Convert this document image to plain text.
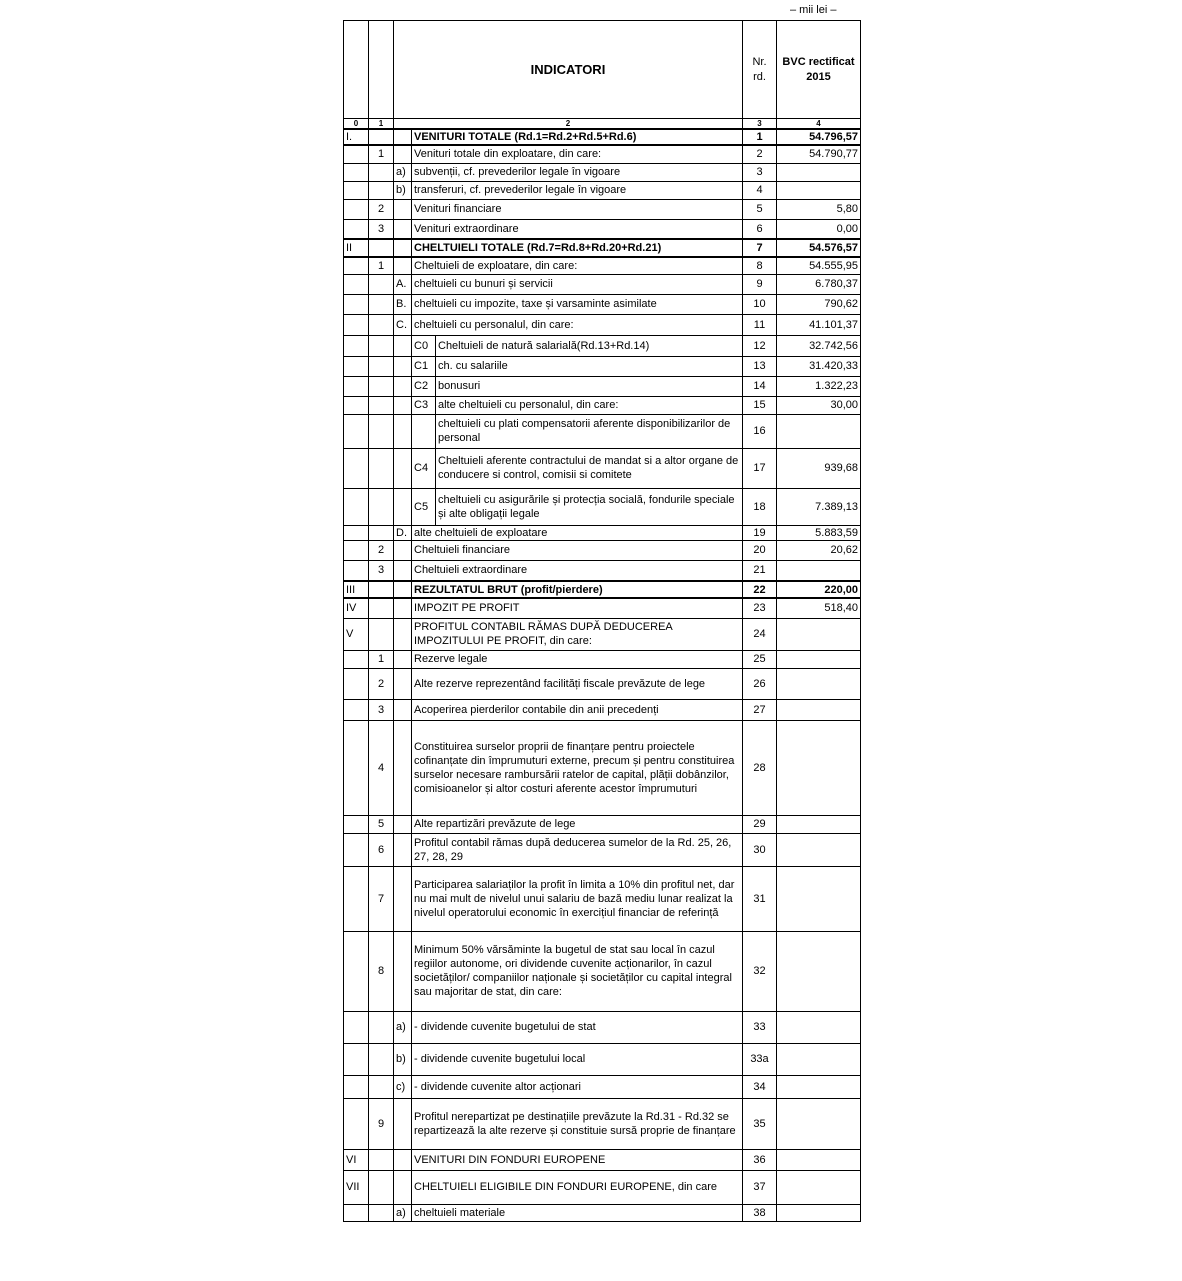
– mii lei –
		INDICATORI			Nr. rd.	BVC rectificat 2015
0	1	2			3	4
I.			VENITURI TOTALE (Rd.1=Rd.2+Rd.5+Rd.6)		1	54.796,57
	1		Venituri totale din exploatare, din care:		2	54.790,77
		a)	subvenții, cf. prevederilor legale în vigoare		3	
		b)	transferuri, cf. prevederilor legale în vigoare		4	
	2		Venituri financiare		5	5,80
	3		Venituri extraordinare		6	0,00
II			CHELTUIELI TOTALE (Rd.7=Rd.8+Rd.20+Rd.21)		7	54.576,57
	1		Cheltuieli de exploatare, din care:		8	54.555,95
		A.	cheltuieli cu bunuri și servicii		9	6.780,37
		B.	cheltuieli cu impozite, taxe și varsaminte asimilate		10	790,62
		C.	cheltuieli cu personalul, din care:		11	41.101,37
			C0	Cheltuieli de natură salarială(Rd.13+Rd.14)	12	32.742,56
			C1	ch. cu salariile	13	31.420,33
			C2	bonusuri	14	1.322,23
			C3	alte cheltuieli cu personalul, din care:	15	30,00
				cheltuieli cu plati compensatorii aferente disponibilizarilor de personal	16	
			C4	Cheltuieli aferente contractului de mandat si a altor organe de conducere si control, comisii si comitete	17	939,68
			C5	cheltuieli cu asigurările și protecția socială, fondurile speciale și alte obligații legale	18	7.389,13
		D.	alte cheltuieli de exploatare		19	5.883,59
	2		Cheltuieli financiare		20	20,62
	3		Cheltuieli extraordinare		21	
III			REZULTATUL BRUT (profit/pierdere)		22	220,00
IV			IMPOZIT PE PROFIT		23	518,40
V			PROFITUL CONTABIL RĂMAS DUPĂ DEDUCEREA IMPOZITULUI PE PROFIT, din care:		24	
	1		Rezerve legale		25	
	2		Alte rezerve reprezentând facilități fiscale prevăzute de lege		26	
	3		Acoperirea pierderilor contabile din anii precedenți		27	
	4		Constituirea surselor proprii de finanțare pentru proiectele cofinanțate din împrumuturi externe, precum și pentru constituirea surselor necesare rambursării ratelor de capital, plății dobânzilor, comisioanelor și altor costuri aferente acestor împrumuturi		28	
	5		Alte repartizări prevăzute de lege		29	
	6		Profitul contabil rămas după deducerea sumelor de la Rd. 25, 26, 27, 28, 29		30	
	7		Participarea salariaților la profit în limita a 10% din profitul net, dar nu mai mult de nivelul unui salariu de bază mediu lunar realizat la nivelul operatorului economic în exercițiul financiar de referință		31	
	8		Minimum 50% vărsăminte la bugetul de stat sau local în cazul regiilor autonome, ori dividende cuvenite acționarilor, în cazul societăților/ companiilor naționale și societăților cu capital integral sau majoritar de stat, din care:		32	
		a)	- dividende cuvenite bugetului de stat		33	
		b)	- dividende cuvenite bugetului local		33a	
		c)	- dividende cuvenite altor acționari		34	
	9		Profitul nerepartizat pe destinațiile prevăzute la Rd.31 - Rd.32 se repartizează la alte rezerve și constituie sursă proprie de finanțare		35	
VI			VENITURI DIN FONDURI EUROPENE		36	
VII			CHELTUIELI ELIGIBILE DIN FONDURI EUROPENE, din care		37	
		a)	cheltuieli materiale		38	
